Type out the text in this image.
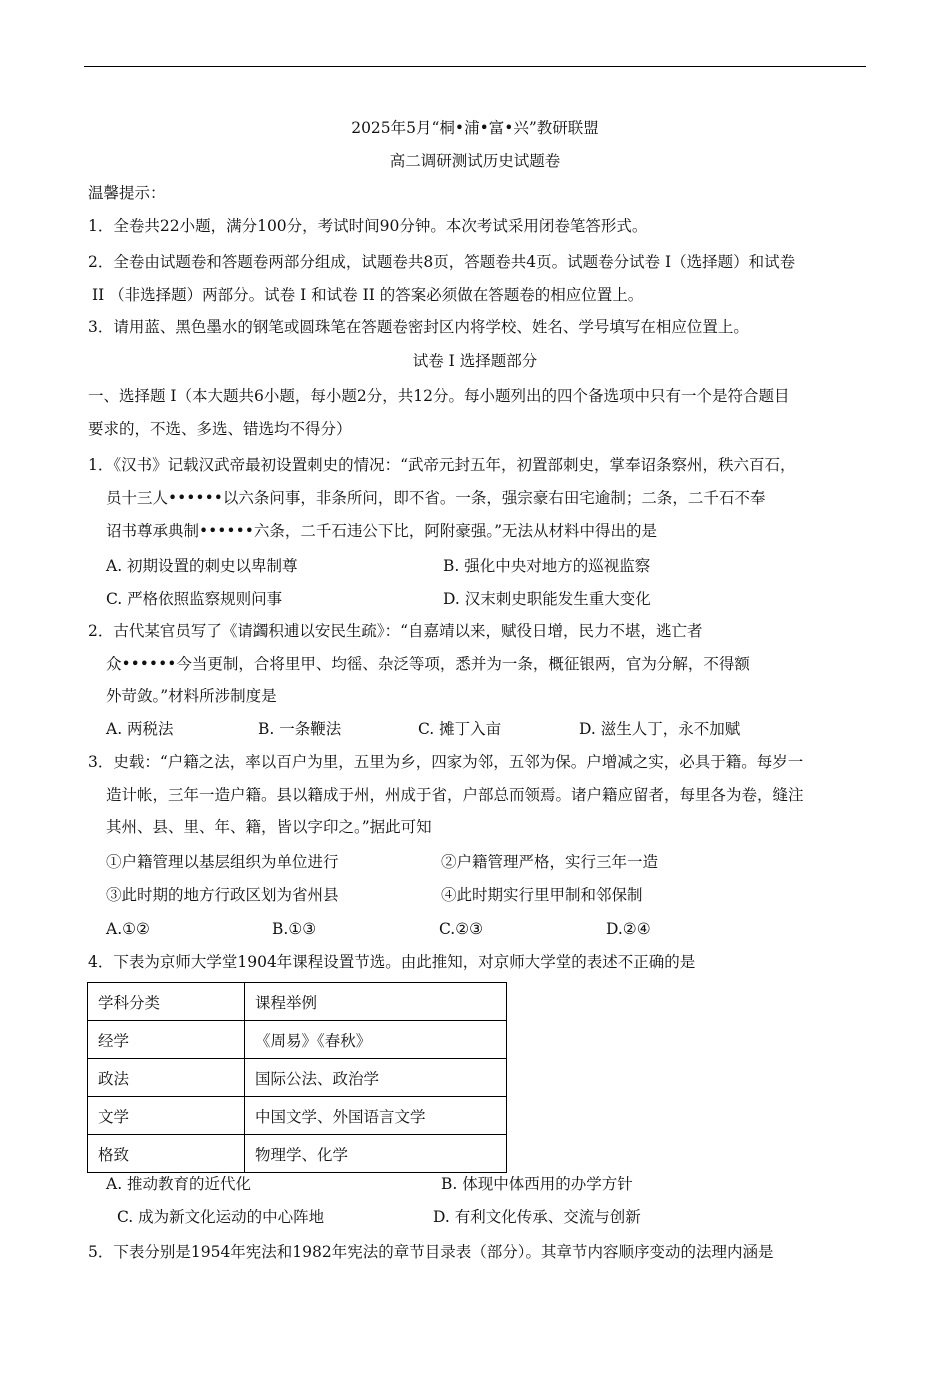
2025年5月“桐•浦•富•兴”教研联盟
高二调研测试历史试题卷
温馨提示：
1．全卷共22小题，满分100分，考试时间90分钟。本次考试采用闭卷笔答形式。
2．全卷由试题卷和答题卷两部分组成，试题卷共8页，答题卷共4页。试题卷分试卷 I（选择题）和试卷
II （非选择题）两部分。试卷 I 和试卷 II 的答案必须做在答题卷的相应位置上。
3．请用蓝、黑色墨水的钢笔或圆珠笔在答题卷密封区内将学校、姓名、学号填写在相应位置上。
试卷 I 选择题部分
一、选择题 I（本大题共6小题，每小题2分，共12分。每小题列出的四个备选项中只有一个是符合题目
要求的，不选、多选、错选均不得分）
1．《汉书》记载汉武帝最初设置刺史的情况：“武帝元封五年，初置部刺史，掌奉诏条察州，秩六百石，
员十三人••••••以六条问事，非条所问，即不省。一条，强宗豪右田宅逾制；二条，二千石不奉
诏书尊承典制••••••六条，二千石违公下比，阿附豪强。”无法从材料中得出的是
A. 初期设置的刺史以卑制尊	B. 强化中央对地方的巡视监察
C. 严格依照监察规则问事	D. 汉末刺史职能发生重大变化
2．古代某官员写了《请蠲积逋以安民生疏》：“自嘉靖以来，赋役日增，民力不堪，逃亡者
众••••••今当更制，合将里甲、均徭、杂泛等项，悉并为一条，概征银两，官为分解，不得额
外苛敛。”材料所涉制度是
A. 两税法	B. 一条鞭法	C. 摊丁入亩	D. 滋生人丁，永不加赋
3．史载：“户籍之法，率以百户为里，五里为乡，四家为邻，五邻为保。户增减之实，必具于籍。每岁一
造计帐，三年一造户籍。县以籍成于州，州成于省，户部总而领焉。诸户籍应留者，每里各为卷，缝注
其州、县、里、年、籍，皆以字印之。”据此可知
①户籍管理以基层组织为单位进行	②户籍管理严格，实行三年一造
③此时期的地方行政区划为省州县	④此时期实行里甲制和邻保制
A.①②	B.①③	C.②③	D.②④
4．下表为京师大学堂1904年课程设置节选。由此推知，对京师大学堂的表述不正确的是
学科分类	课程举例
经学	《周易》《春秋》
政法	国际公法、政治学
文学	中国文学、外国语言文学
格致	物理学、化学
A. 推动教育的近代化	B. 体现中体西用的办学方针
C. 成为新文化运动的中心阵地	D. 有利文化传承、交流与创新
5．下表分别是1954年宪法和1982年宪法的章节目录表（部分）。其章节内容顺序变动的法理内涵是
